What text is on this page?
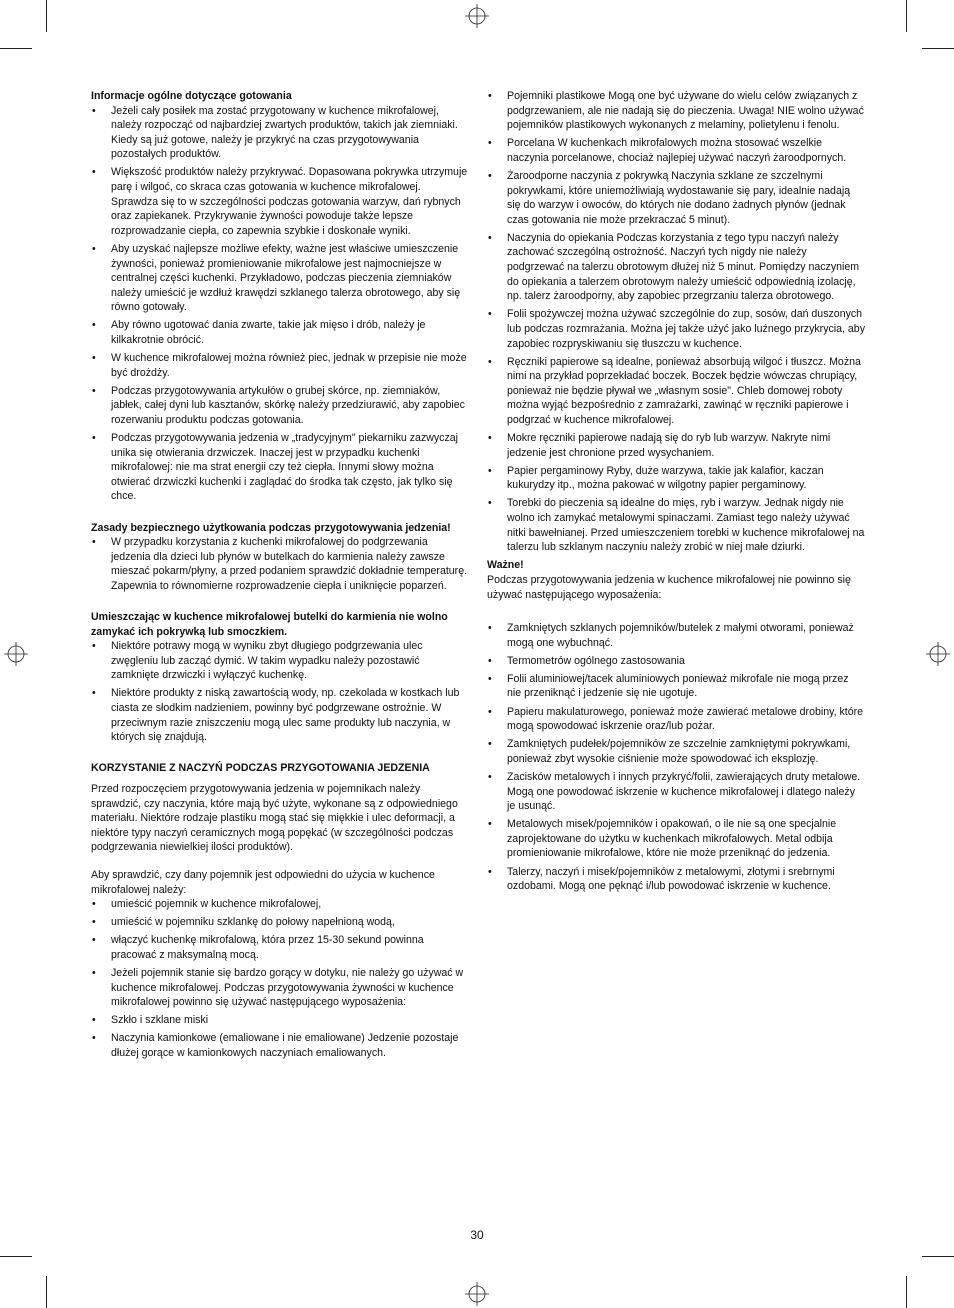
Informacje ogólne dotyczące gotowania

• Jeżeli cały posiłek ma zostać przygotowany w kuchence mikrofalowej, należy rozpocząć od najbardziej zwartych produktów, takich jak ziemniaki. Kiedy są już gotowe, należy je przykryć na czas przygotowywania pozostałych produktów.
• Większość produktów należy przykrywać. Dopasowana pokrywka utrzymuje parę i wilgoć, co skraca czas gotowania w kuchence mikrofalowej. Sprawdza się to w szczególności podczas gotowania warzyw, dań rybnych oraz zapiekanek. Przykrywanie żywności powoduje także lepsze rozprowadzanie ciepła, co zapewnia szybkie i doskonałe wyniki.
• Aby uzyskać najlepsze możliwe efekty, ważne jest właściwe umieszczenie żywności, ponieważ promieniowanie mikrofalowe jest najmocniejsze w centralnej części kuchenki. Przykładowo, podczas pieczenia ziemniaków należy umieścić je wzdłuż krawędzi szklanego talerza obrotowego, aby się równo gotowały.
• Aby równo ugotować dania zwarte, takie jak mięso i drób, należy je kilkakrotnie obrócić.
• W kuchence mikrofalowej można również piec, jednak w przepisie nie może być drożdży.
• Podczas przygotowywania artykułów o grubej skórce, np. ziemniaków, jabłek, całej dyni lub kasztanów, skórkę należy przedziurawić, aby zapobiec rozerwaniu produktu podczas gotowania.
• Podczas przygotowywania jedzenia w „tradycyjnym" piekarniku zazwyczaj unika się otwierania drzwiczek. Inaczej jest w przypadku kuchenki mikrofalowej: nie ma strat energii czy też ciepła. Innymi słowy można otwierać drzwiczki kuchenki i zaglądać do środka tak często, jak tylko się chce.

Zasady bezpiecznego użytkowania podczas przygotowywania jedzenia!

• W przypadku korzystania z kuchenki mikrofalowej do podgrzewania jedzenia dla dzieci lub płynów w butelkach do karmienia należy zawsze mieszać pokarm/płyny, a przed podaniem sprawdzić dokładnie temperaturę. Zapewnia to równomierne rozprowadzenie ciepła i uniknięcie poparzeń.

Umieszczając w kuchence mikrofalowej butelki do karmienia nie wolno zamykać ich pokrywką lub smoczkiem.

• Niektóre potrawy mogą w wyniku zbyt długiego podgrzewania ulec zwęgleniu lub zacząć dymić. W takim wypadku należy pozostawić zamknięte drzwiczki i wyłączyć kuchenkę.
• Niektóre produkty z niską zawartością wody, np. czekolada w kostkach lub ciasta ze słodkim nadzieniem, powinny być podgrzewane ostrożnie. W przeciwnym razie zniszczeniu mogą ulec same produkty lub naczynia, w których się znajdują.

KORZYSTANIE Z NACZYŃ PODCZAS PRZYGOTOWANIA JEDZENIA

Przed rozpoczęciem przygotowywania jedzenia w pojemnikach należy sprawdzić, czy naczynia, które mają być użyte, wykonane są z odpowiedniego materiału. Niektóre rodzaje plastiku mogą stać się miękkie i ulec deformacji, a niektóre typy naczyń ceramicznych mogą popękać (w szczególności podczas podgrzewania niewielkiej ilości produktów).

Aby sprawdzić, czy dany pojemnik jest odpowiedni do użycia w kuchence mikrofalowej należy:

• umieścić pojemnik w kuchence mikrofalowej,
• umieścić w pojemniku szklankę do połowy napełnioną wodą,
• włączyć kuchenkę mikrofalową, która przez 15-30 sekund powinna pracować z maksymalną mocą.
• Jeżeli pojemnik stanie się bardzo gorący w dotyku, nie należy go używać w kuchence mikrofalowej. Podczas przygotowywania żywności w kuchence mikrofalowej powinno się używać następującego wyposażenia:
• Szkło i szklane miski
• Naczynia kamionkowe (emaliowane i nie emaliowane) Jedzenie pozostaje dłużej gorące w kamionkowych naczyniach emaliowanych.
• Pojemniki plastikowe Mogą one być używane do wielu celów związanych z podgrzewaniem, ale nie nadają się do pieczenia. Uwaga! NIE wolno używać pojemników plastikowych wykonanych z melaminy, polietylenu i fenolu.
• Porcelana W kuchenkach mikrofalowych można stosować wszelkie naczynia porcelanowe, chociaż najlepiej używać naczyń żaroodpornych.
• Żaroodporne naczynia z pokrywką Naczynia szklane ze szczelnymi pokrywkami, które uniemożliwiają wydostawanie się pary, idealnie nadają się do warzyw i owoców, do których nie dodano żadnych płynów (jednak czas gotowania nie może przekraczać 5 minut).
• Naczynia do opiekania Podczas korzystania z tego typu naczyń należy zachować szczególną ostrożność. Naczyń tych nigdy nie należy podgrzewać na talerzu obrotowym dłużej niż 5 minut. Pomiędzy naczyniem do opiekania a talerzem obrotowym należy umieścić odpowiednią izolację, np. talerz żaroodporny, aby zapobiec przegrzaniu talerza obrotowego.
• Folii spożywczej można używać szczególnie do zup, sosów, dań duszonych lub podczas rozmrażania. Można jej także użyć jako luźnego przykrycia, aby zapobiec rozpryskiwaniu się tłuszczu w kuchence.
• Ręczniki papierowe są idealne, ponieważ absorbują wilgoć i tłuszcz. Można nimi na przykład poprzekładać boczek. Boczek będzie wówczas chrupiący, ponieważ nie będzie pływał we „własnym sosie". Chleb domowej roboty można wyjąć bezpośrednio z zamrażarki, zawinąć w ręczniki papierowe i podgrzać w kuchence mikrofalowej.
• Mokre ręczniki papierowe nadają się do ryb lub warzyw. Nakryte nimi jedzenie jest chronione przed wysychaniem.
• Papier pergaminowy Ryby, duże warzywa, takie jak kalafior, kaczan kukurydzy itp., można pakować w wilgotny papier pergaminowy.
• Torebki do pieczenia są idealne do mięs, ryb i warzyw. Jednak nigdy nie wolno ich zamykać metalowymi spinaczami. Zamiast tego należy używać nitki bawełnianej. Przed umieszczeniem torebki w kuchence mikrofalowej na talerzu lub szklanym naczyniu należy zrobić w niej małe dziurki.

Ważne!

Podczas przygotowywania jedzenia w kuchence mikrofalowej nie powinno się używać następującego wyposażenia:

• Zamkniętych szklanych pojemników/butelek z małymi otworami, ponieważ mogą one wybuchnąć.
• Termometrów ogólnego zastosowania
• Folii aluminiowej/tacek aluminiowych ponieważ mikrofale nie mogą przez nie przeniknąć i jedzenie się nie ugotuje.
• Papieru makulaturowego, ponieważ może zawierać metalowe drobiny, które mogą spowodować iskrzenie oraz/lub pożar.
• Zamkniętych pudełek/pojemników ze szczelnie zamkniętymi pokrywkami, ponieważ zbyt wysokie ciśnienie może spowodować ich eksplozję.
• Zacisków metalowych i innych przykryć/folii, zawierających druty metalowe. Mogą one powodować iskrzenie w kuchence mikrofalowej i dlatego należy je usunąć.
• Metalowych misek/pojemników i opakowań, o ile nie są one specjalnie zaprojektowane do użytku w kuchenkach mikrofalowych. Metal odbija promieniowanie mikrofalowe, które nie może przeniknąć do jedzenia.
• Talerzy, naczyń i misek/pojemników z metalowymi, złotymi i srebrnymi ozdobami. Mogą one pęknąć i/lub powodować iskrzenie w kuchence.
30
